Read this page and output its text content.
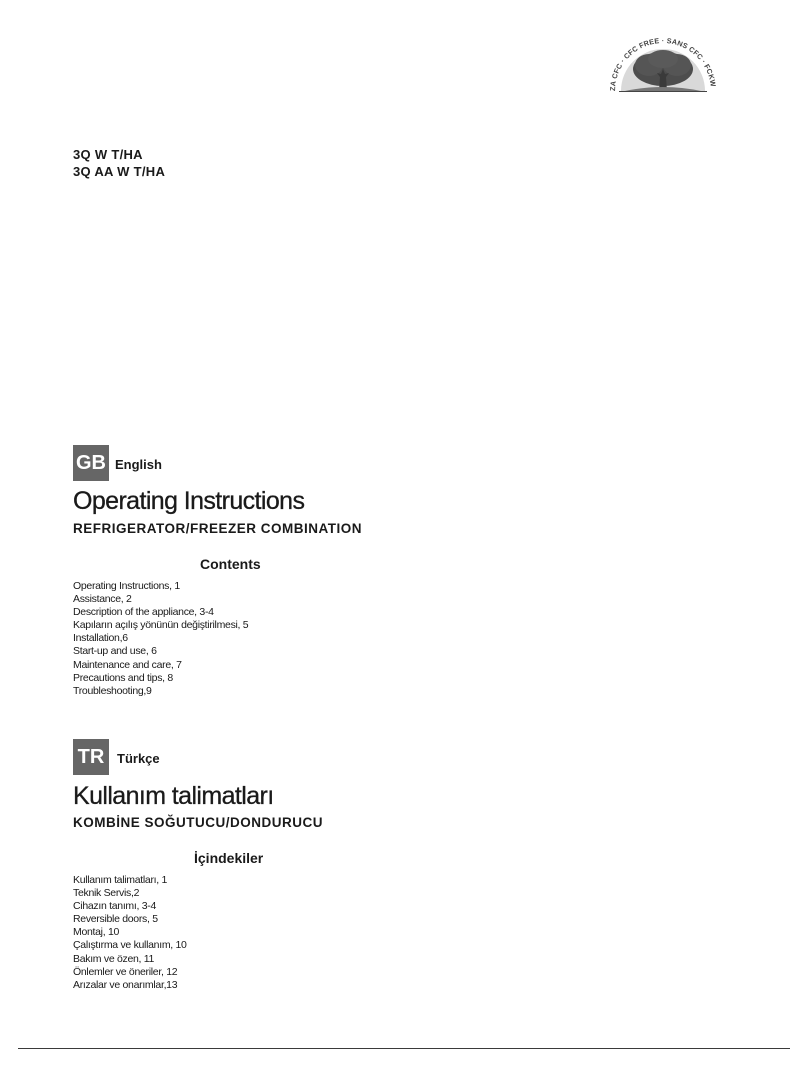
ZA CFC · CFC FREE · SANS CFC · FCKW
3Q W T/HA
3Q AA W T/HA
GB English
Operating Instructions
REFRIGERATOR/FREEZER COMBINATION
Contents
Operating Instructions, 1
Assistance, 2
Description of the appliance, 3-4
Kapıların açılış yönünün değiştirilmesi, 5
Installation,6
Start-up and use, 6
Maintenance and care, 7
Precautions and tips, 8
Troubleshooting,9
TR Türkçe
Kullanım talimatları
KOMBİNE SOĞUTUCU/DONDURUCU
İçindekiler
Kullanım talimatları, 1
Teknik Servis,2
Cihazın tanımı, 3-4
Reversible doors, 5
Montaj, 10
Çalıştırma ve kullanım, 10
Bakım ve özen, 11
Önlemler ve öneriler, 12
Arızalar ve onarımlar,13
